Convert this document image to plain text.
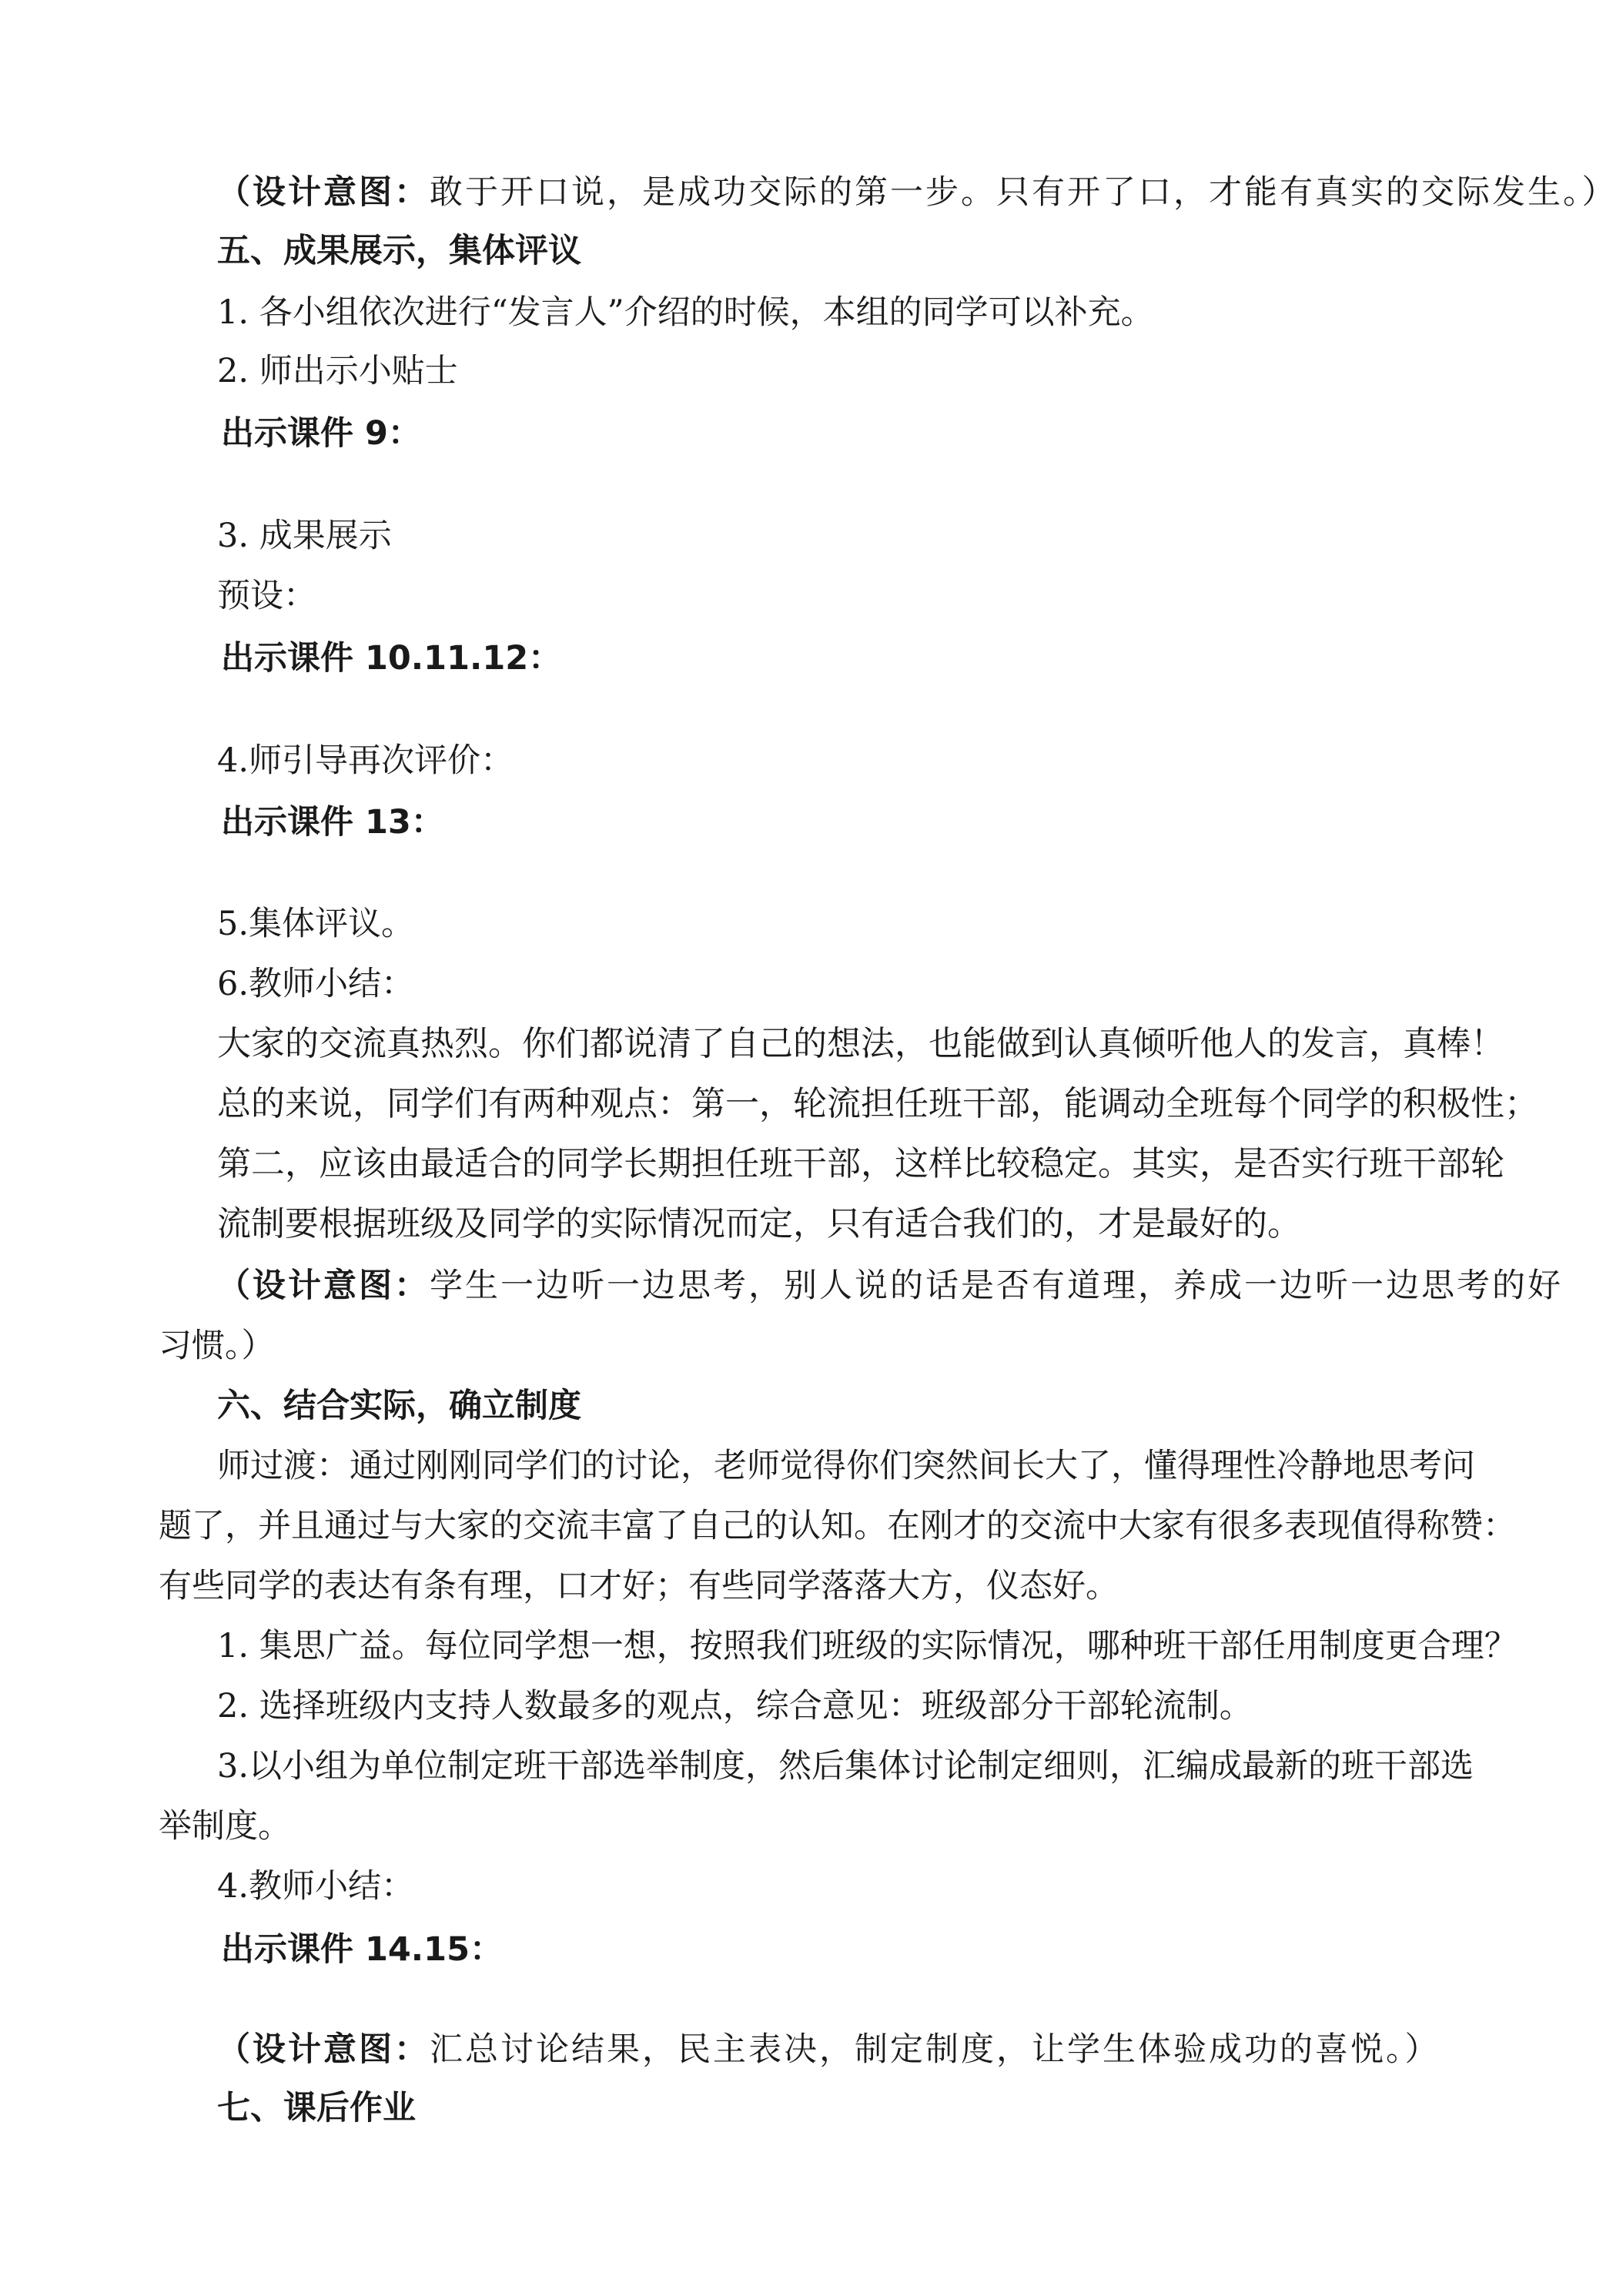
（设计意图：敢于开口说，是成功交际的第一步。只有开了口，才能有真实的交际发生。）
五、成果展示，集体评议
1. 各小组依次进行“发言人”介绍的时候，本组的同学可以补充。
2. 师出示小贴士
出示课件 9：
3. 成果展示
预设：
出示课件 10.11.12：
4.师引导再次评价：
出示课件 13：
5.集体评议。
6.教师小结：
大家的交流真热烈。你们都说清了自己的想法，也能做到认真倾听他人的发言，真棒！
总的来说，同学们有两种观点：第一，轮流担任班干部，能调动全班每个同学的积极性；
第二，应该由最适合的同学长期担任班干部，这样比较稳定。其实，是否实行班干部轮
流制要根据班级及同学的实际情况而定，只有适合我们的，才是最好的。
（设计意图：学生一边听一边思考，别人说的话是否有道理，养成一边听一边思考的好
习惯。）
六、结合实际，确立制度
师过渡：通过刚刚同学们的讨论，老师觉得你们突然间长大了，懂得理性冷静地思考问
题了，并且通过与大家的交流丰富了自己的认知。在刚才的交流中大家有很多表现值得称赞：
有些同学的表达有条有理，口才好；有些同学落落大方，仪态好。
1. 集思广益。每位同学想一想，按照我们班级的实际情况，哪种班干部任用制度更合理？
2. 选择班级内支持人数最多的观点，综合意见：班级部分干部轮流制。
3.以小组为单位制定班干部选举制度，然后集体讨论制定细则，汇编成最新的班干部选
举制度。
4.教师小结：
出示课件 14.15：
（设计意图：汇总讨论结果，民主表决，制定制度，让学生体验成功的喜悦。）
七、课后作业
